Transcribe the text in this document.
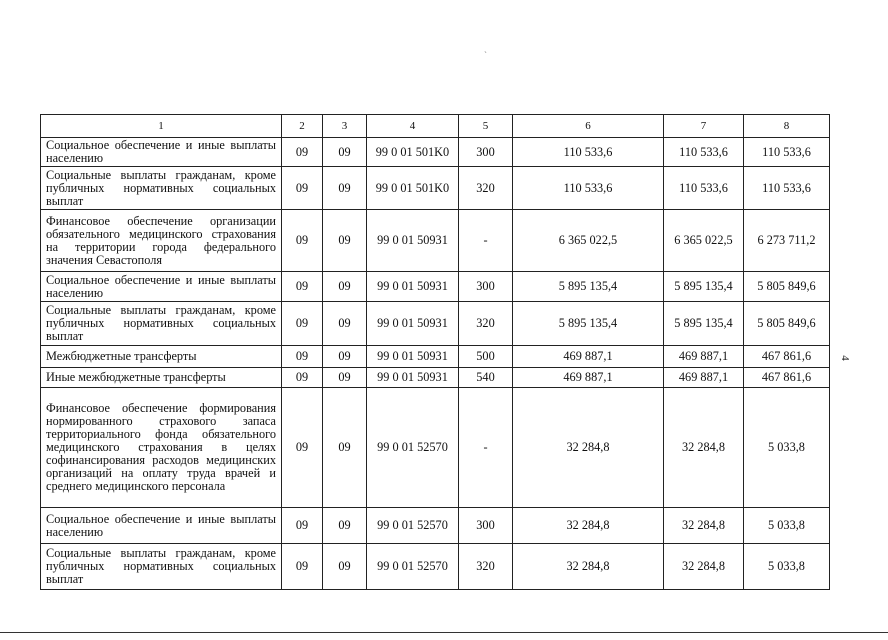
`
1	2	3	4	5	6	7	8
Социальное обеспечение и иные выплаты населению	09	09	99 0 01 501K0	300	110 533,6	110 533,6	110 533,6
Социальные выплаты гражданам, кроме публичных нормативных социальных выплат	09	09	99 0 01 501K0	320	110 533,6	110 533,6	110 533,6
Финансовое обеспечение организации обязательного медицинского страхования на территории города федерального значения Севастополя	09	09	99 0 01 50931	-	6 365 022,5	6 365 022,5	6 273 711,2
Социальное обеспечение и иные выплаты населению	09	09	99 0 01 50931	300	5 895 135,4	5 895 135,4	5 805 849,6
Социальные выплаты гражданам, кроме публичных нормативных социальных выплат	09	09	99 0 01 50931	320	5 895 135,4	5 895 135,4	5 805 849,6
Межбюджетные трансферты	09	09	99 0 01 50931	500	469 887,1	469 887,1	467 861,6
Иные межбюджетные трансферты	09	09	99 0 01 50931	540	469 887,1	469 887,1	467 861,6
Финансовое обеспечение формирования нормированного страхового запаса территориального фонда обязательного медицинского страхования в целях софинансирования расходов медицинских организаций на оплату труда врачей и среднего медицинского персонала	09	09	99 0 01 52570	-	32 284,8	32 284,8	5 033,8
Социальное обеспечение и иные выплаты населению	09	09	99 0 01 52570	300	32 284,8	32 284,8	5 033,8
Социальные выплаты гражданам, кроме публичных нормативных социальных выплат	09	09	99 0 01 52570	320	32 284,8	32 284,8	5 033,8
4
